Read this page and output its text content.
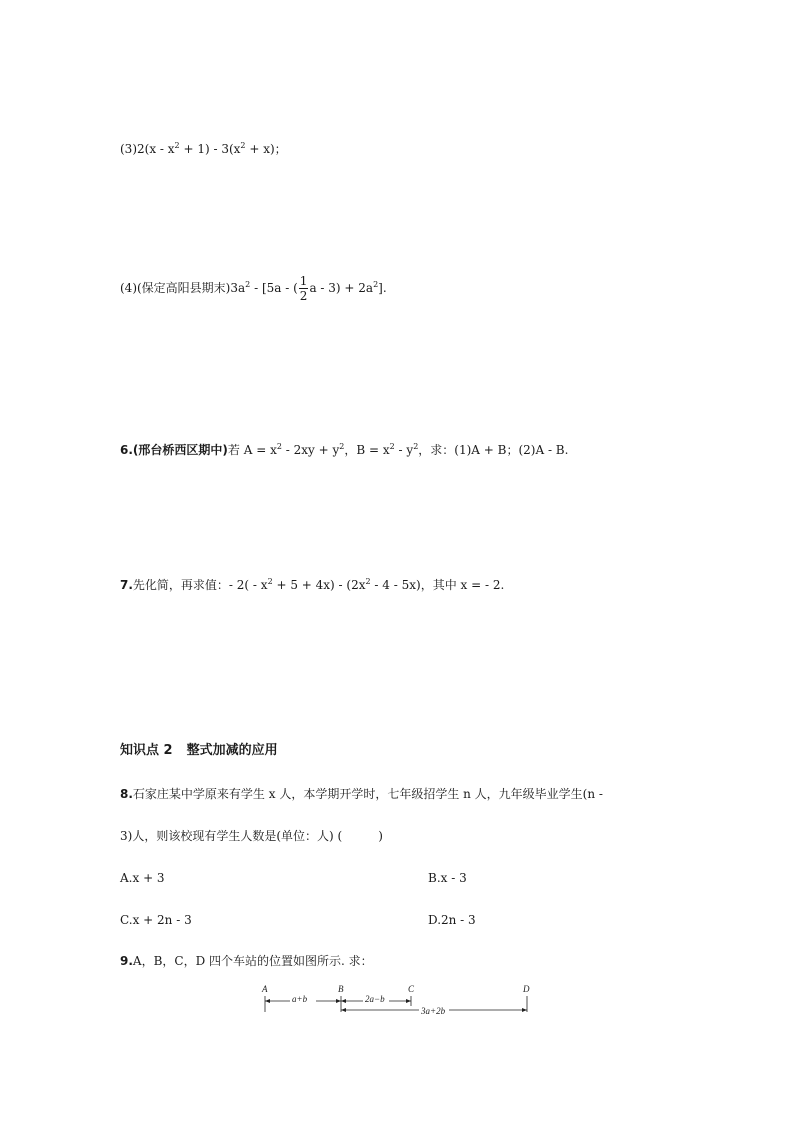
$(3)2(x - x^2 + 1) - 3(x^2 + x)$；
(4)(保定高阳县期末)$3a^2 - [5a$ - ( $\frac{1}{2}$ $a - 3) + 2a^2$].
6.(邢台桥西区期中)若 $A = x^2 - 2xy + y^2$，$B = x^2 - y^2$，求：(1)A + B；(2)A - B.
7.先化简，再求值：- $2( - x^2 + 5 + 4x) - (2x^2 - 4 - 5x)$，其中 x = - 2.
知识点 2 整式加减的应用
8.石家庄某中学原来有学生 x 人，本学期开学时，七年级招学生 n 人，九年级毕业学生(n -
3)人，则该校现有学生人数是(单位：人) (	)
A.x + 3	B.x - 3
C.x + 2n - 3	D.2n - 3
9.A，B，C，D 四个车站的位置如图所示. 求：
A	B	C	D
a+b	2a−b
3a+2b
